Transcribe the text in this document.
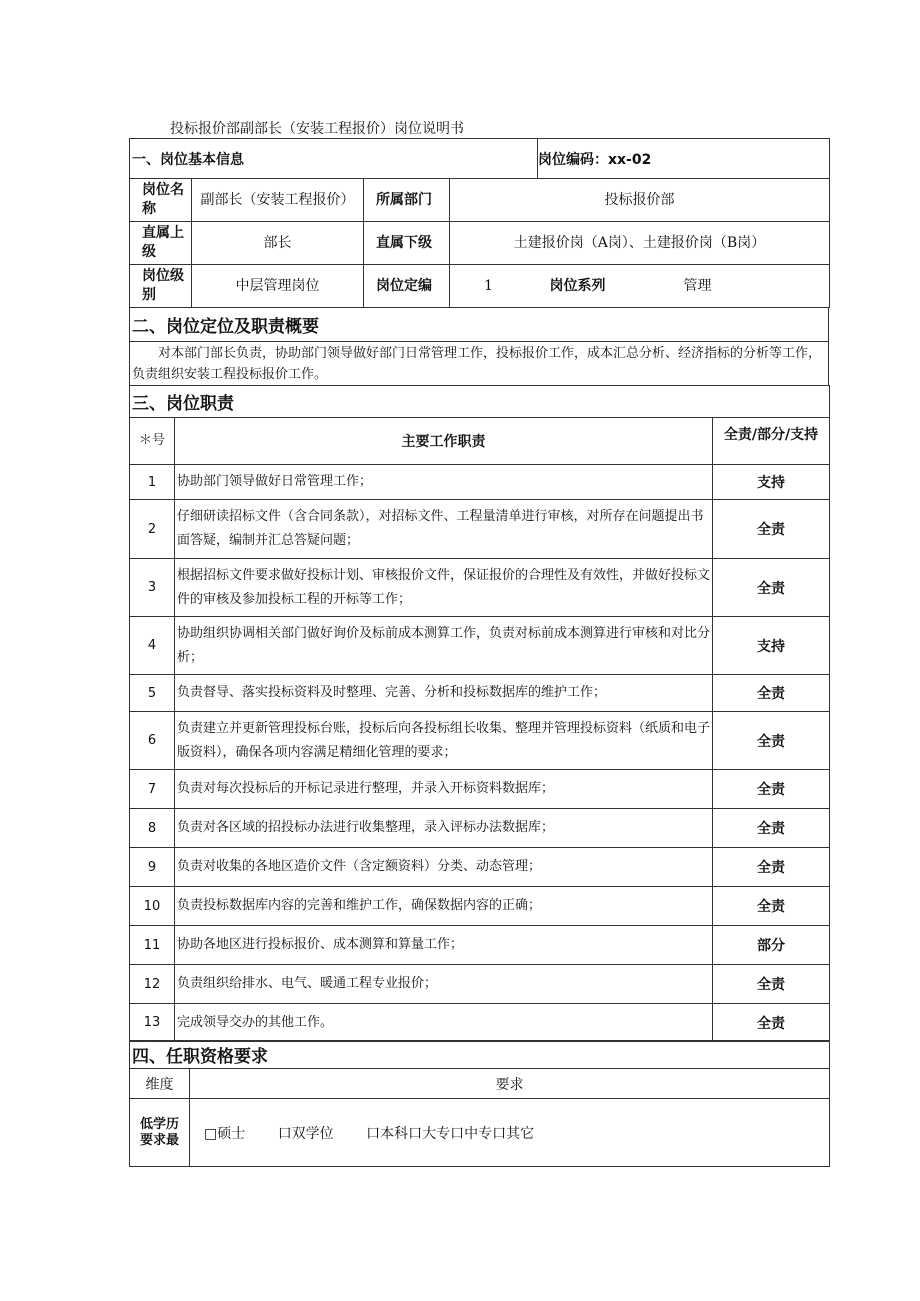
投标报价部副部长（安装工程报价）岗位说明书
一、岗位基本信息				岗位编码：xx-02	
岗位名称	副部长（安装工程报价）	所属部门	投标报价部		
直属上级	部长	直属下级	土建报价岗（A岗）、土建报价岗（B岗）		
岗位级别	中层管理岗位	岗位定编	1	岗位系列	管理
二、岗位定位及职责概要
对本部门部长负责，协助部门领导做好部门日常管理工作，投标报价工作，成本汇总分析、经济指标的分析等工作，负责组织安装工程投标报价工作。
三、岗位职责		
＊号	主要工作职责	全责/部分/支持
1	协助部门领导做好日常管理工作；	支持
2	仔细研读招标文件（含合同条款），对招标文件、工程量清单进行审核，对所存在问题提出书面答疑，编制并汇总答疑问题；	全责
3	根据招标文件要求做好投标计划、审核报价文件，保证报价的合理性及有效性，并做好投标文件的审核及参加投标工程的开标等工作；	全责
4	协助组织协调相关部门做好询价及标前成本测算工作，负责对标前成本测算进行审核和对比分析；	支持
5	负责督导、落实投标资料及时整理、完善、分析和投标数据库的维护工作；	全责
6	负责建立并更新管理投标台账，投标后向各投标组长收集、整理并管理投标资料（纸质和电子版资料），确保各项内容满足精细化管理的要求；	全责
7	负责对每次投标后的开标记录进行整理，并录入开标资料数据库；	全责
8	负责对各区域的招投标办法进行收集整理，录入评标办法数据库；	全责
9	负责对收集的各地区造价文件（含定额资料）分类、动态管理；	全责
10	负责投标数据库内容的完善和维护工作，确保数据内容的正确；	全责
11	协助各地区进行投标报价、成本测算和算量工作；	部分
12	负责组织给排水、电气、暖通工程专业报价；	全责
13	完成领导交办的其他工作。	全责
四、任职资格要求	
维度	要求
低学历要求最	□硕士 口双学位 口本科口大专口中专口其它
